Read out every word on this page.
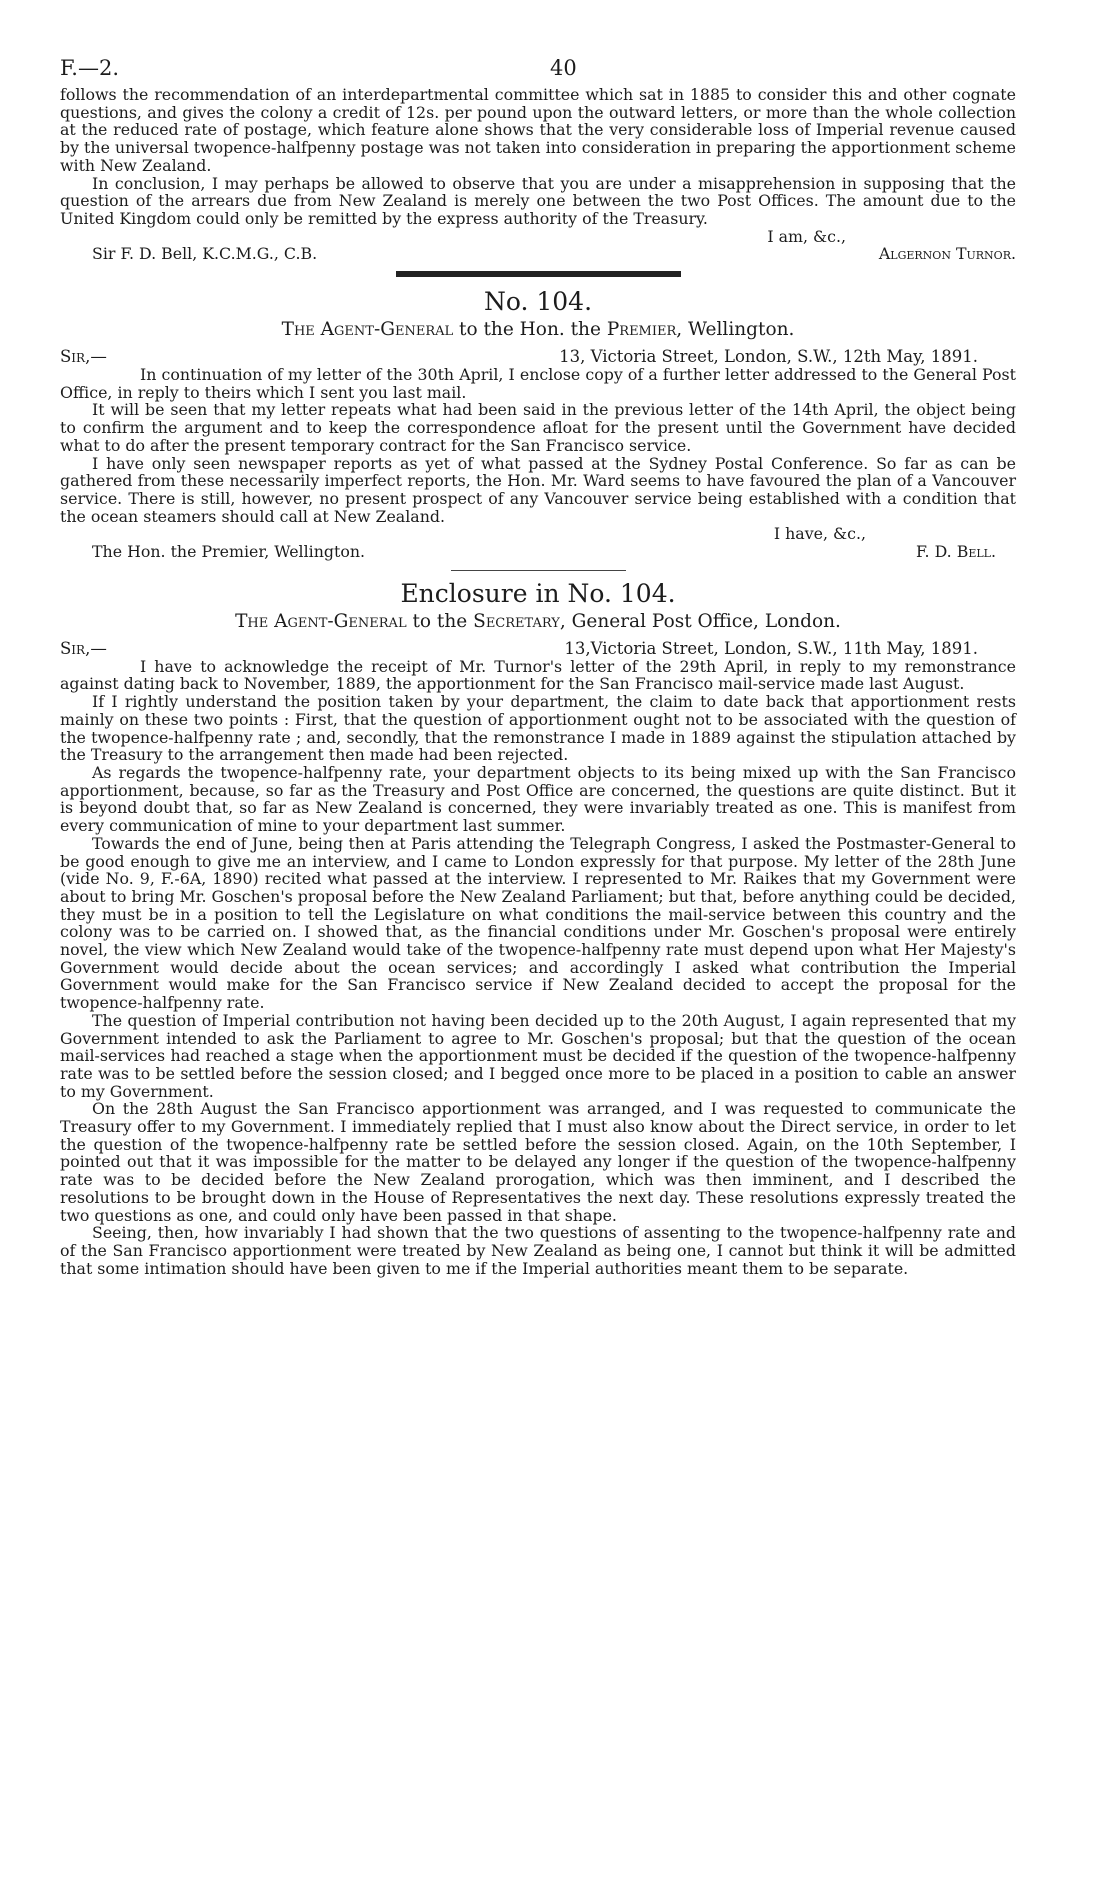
F.—2.	40

follows the recommendation of an interdepartmental committee which sat in 1885 to consider this and other cognate questions, and gives the colony a credit of 12s. per pound upon the outward letters, or more than the whole collection at the reduced rate of postage, which feature alone shows that the very considerable loss of Imperial revenue caused by the universal twopence-halfpenny postage was not taken into consideration in preparing the apportionment scheme with New Zealand.

In conclusion, I may perhaps be allowed to observe that you are under a misapprehension in supposing that the question of the arrears due from New Zealand is merely one between the two Post Offices. The amount due to the United Kingdom could only be remitted by the express authority of the Treasury.

I am, &c.,
Sir F. D. Bell, K.C.M.G., C.B.	Algernon Turnor.
No. 104.
The Agent-General to the Hon. the Premier, Wellington.
Sir,—	13, Victoria Street, London, S.W., 12th May, 1891.

In continuation of my letter of the 30th April, I enclose copy of a further letter addressed to the General Post Office, in reply to theirs which I sent you last mail.

It will be seen that my letter repeats what had been said in the previous letter of the 14th April, the object being to confirm the argument and to keep the correspondence afloat for the present until the Government have decided what to do after the present temporary contract for the San Francisco service.

I have only seen newspaper reports as yet of what passed at the Sydney Postal Conference. So far as can be gathered from these necessarily imperfect reports, the Hon. Mr. Ward seems to have favoured the plan of a Vancouver service. There is still, however, no present prospect of any Vancouver service being established with a condition that the ocean steamers should call at New Zealand.

I have, &c.,
The Hon. the Premier, Wellington.	F. D. Bell.
Enclosure in No. 104.
The Agent-General to the Secretary, General Post Office, London.
Sir,—	13,Victoria Street, London, S.W., 11th May, 1891.

I have to acknowledge the receipt of Mr. Turnor's letter of the 29th April, in reply to my remonstrance against dating back to November, 1889, the apportionment for the San Francisco mail-service made last August.

If I rightly understand the position taken by your department, the claim to date back that apportionment rests mainly on these two points : First, that the question of apportionment ought not to be associated with the question of the twopence-halfpenny rate ; and, secondly, that the remonstrance I made in 1889 against the stipulation attached by the Treasury to the arrangement then made had been rejected.

As regards the twopence-halfpenny rate, your department objects to its being mixed up with the San Francisco apportionment, because, so far as the Treasury and Post Office are concerned, the questions are quite distinct. But it is beyond doubt that, so far as New Zealand is concerned, they were invariably treated as one. This is manifest from every communication of mine to your department last summer.

Towards the end of June, being then at Paris attending the Telegraph Congress, I asked the Postmaster-General to be good enough to give me an interview, and I came to London expressly for that purpose. My letter of the 28th June (vide No. 9, F.-6A, 1890) recited what passed at the interview. I represented to Mr. Raikes that my Government were about to bring Mr. Goschen's proposal before the New Zealand Parliament; but that, before anything could be decided, they must be in a position to tell the Legislature on what conditions the mail-service between this country and the colony was to be carried on. I showed that, as the financial conditions under Mr. Goschen's proposal were entirely novel, the view which New Zealand would take of the twopence-halfpenny rate must depend upon what Her Majesty's Government would decide about the ocean services; and accordingly I asked what contribution the Imperial Government would make for the San Francisco service if New Zealand decided to accept the proposal for the twopence-halfpenny rate.

The question of Imperial contribution not having been decided up to the 20th August, I again represented that my Government intended to ask the Parliament to agree to Mr. Goschen's proposal; but that the question of the ocean mail-services had reached a stage when the apportionment must be decided if the question of the twopence-halfpenny rate was to be settled before the session closed; and I begged once more to be placed in a position to cable an answer to my Government.

On the 28th August the San Francisco apportionment was arranged, and I was requested to communicate the Treasury offer to my Government. I immediately replied that I must also know about the Direct service, in order to let the question of the twopence-halfpenny rate be settled before the session closed. Again, on the 10th September, I pointed out that it was impossible for the matter to be delayed any longer if the question of the twopence-halfpenny rate was to be decided before the New Zealand prorogation, which was then imminent, and I described the resolutions to be brought down in the House of Representatives the next day. These resolutions expressly treated the two questions as one, and could only have been passed in that shape.

Seeing, then, how invariably I had shown that the two questions of assenting to the twopence-halfpenny rate and of the San Francisco apportionment were treated by New Zealand as being one, I cannot but think it will be admitted that some intimation should have been given to me if the Imperial authorities meant them to be separate.
